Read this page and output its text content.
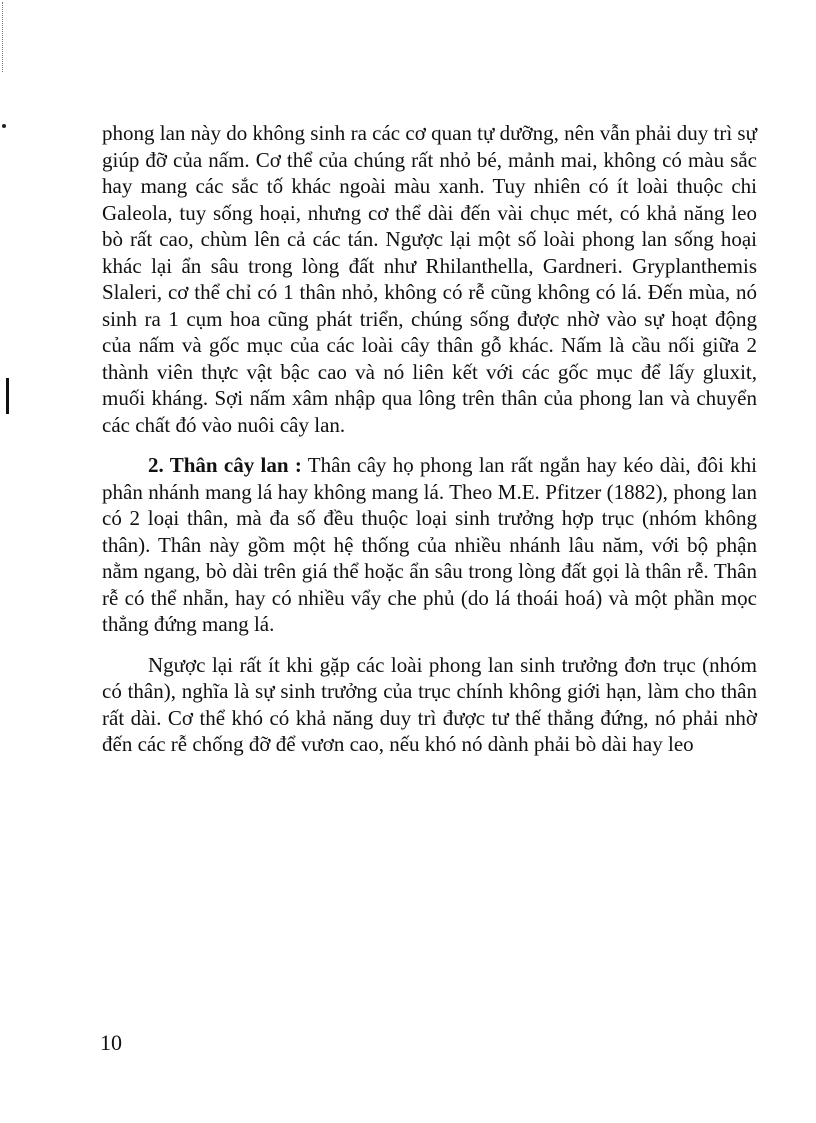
phong lan này do không sinh ra các cơ quan tự dưỡng, nên vẫn phải duy trì sự giúp đỡ của nấm. Cơ thể của chúng rất nhỏ bé, mảnh mai, không có màu sắc hay mang các sắc tố khác ngoài màu xanh. Tuy nhiên có ít loài thuộc chi Galeola, tuy sống hoại, nhưng cơ thể dài đến vài chục mét, có khả năng leo bò rất cao, chùm lên cả các tán. Ngược lại một số loài phong lan sống hoại khác lại ẩn sâu trong lòng đất như Rhilanthella, Gardneri. Gryplanthemis Slaleri, cơ thể chỉ có 1 thân nhỏ, không có rễ cũng không có lá. Đến mùa, nó sinh ra 1 cụm hoa cũng phát triển, chúng sống được nhờ vào sự hoạt động của nấm và gốc mục của các loài cây thân gỗ khác. Nấm là cầu nối giữa 2 thành viên thực vật bậc cao và nó liên kết với các gốc mục để lấy gluxit, muối kháng. Sợi nấm xâm nhập qua lông trên thân của phong lan và chuyển các chất đó vào nuôi cây lan.

2. Thân cây lan : Thân cây họ phong lan rất ngắn hay kéo dài, đôi khi phân nhánh mang lá hay không mang lá. Theo M.E. Pfitzer (1882), phong lan có 2 loại thân, mà đa số đều thuộc loại sinh trưởng hợp trục (nhóm không thân). Thân này gồm một hệ thống của nhiều nhánh lâu năm, với bộ phận nằm ngang, bò dài trên giá thể hoặc ẩn sâu trong lòng đất gọi là thân rễ. Thân rễ có thể nhẵn, hay có nhiều vẩy che phủ (do lá thoái hoá) và một phần mọc thẳng đứng mang lá.

Ngược lại rất ít khi gặp các loài phong lan sinh trưởng đơn trục (nhóm có thân), nghĩa là sự sinh trưởng của trục chính không giới hạn, làm cho thân rất dài. Cơ thể khó có khả năng duy trì được tư thế thẳng đứng, nó phải nhờ đến các rễ chống đỡ để vươn cao, nếu khó nó dành phải bò dài hay leo

10
